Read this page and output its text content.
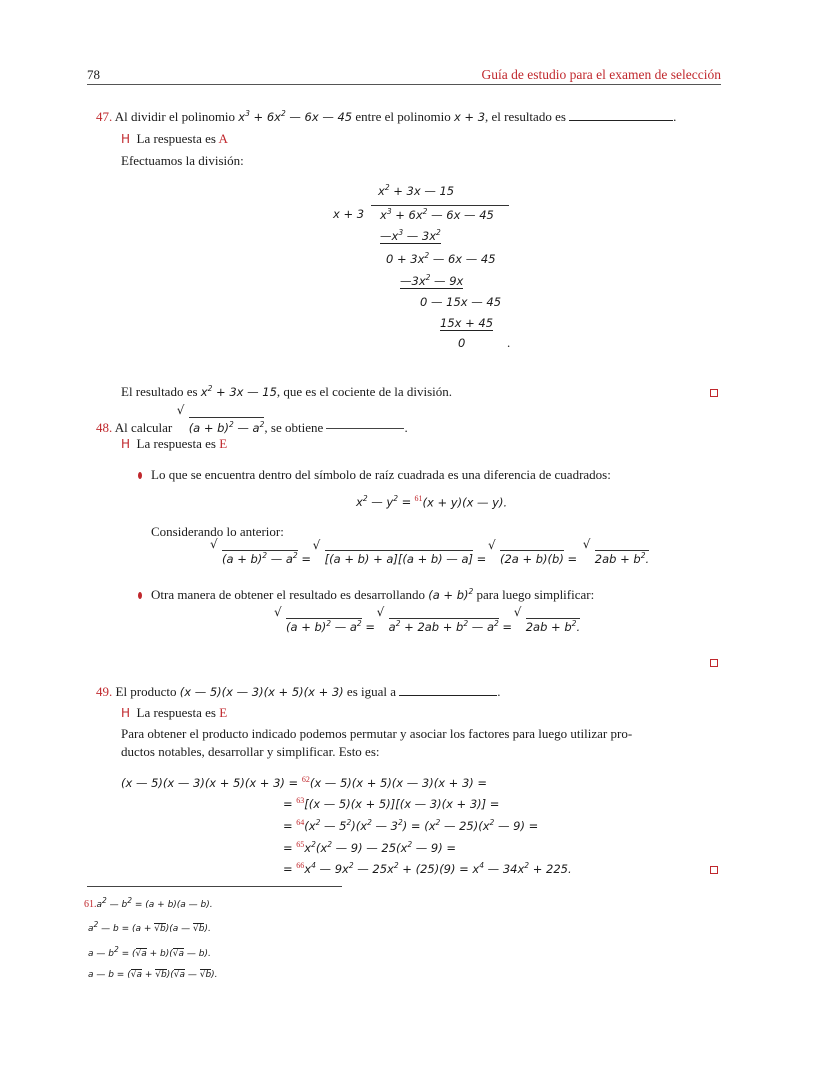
78	Guía de estudio para el examen de selección
47. Al dividir el polinomio $x^3 + 6x^2$ — 6x — 45 entre el polinomio x + 3, el resultado es	.
H La respuesta es A
Efectuamos la división:
$x^2 + 3x$ — 15
x + 3 $x^3 + 6x^2$ — 6x — 45
$—x^3$ — $3x^2$
$0 + 3x^2$ — 6x — 45
$—3x^2$ — 9x
0 — 15x — 45
15x + 45
0	.
El resultado es $x^2 + 3x$ — 15, que es el cociente de la división.
48. Al calcular
√
$(a + b)^2$ — $a^2$, se obtiene	.
H La respuesta es E
Lo que se encuentra dentro del símbolo de raíz cuadrada es una diferencia de cuadrados:
$x^2$ — $y^2 = ^{61}(x + y)(x$ — y).
Considerando lo anterior:
√
$(a + b)^2$ — $a^2$ =
√
[(a + b) + a][(a + b) — a] =
√
(2a + b)(b) =
√
$2ab + b^2$.
Otra manera de obtener el resultado es desarrollando $(a + b)^2$ para luego simplificar:
√
$(a + b)^2$ — $a^2$ =
√
$a^2 + 2ab + b^2$ — $a^2$ =
√
$2ab + b^2$.
49. El producto (x — 5)(x — 3)(x + 5)(x + 3) es igual a	.
H La respuesta es E
Para obtener el producto indicado podemos permutar y asociar los factores para luego utilizar pro-
ductos notables, desarrollar y simplificar. Esto es:
(x — 5)(x — 3)(x + 5)(x + 3) = $^{62}$(x — 5)(x + 5)(x — 3)(x + 3) =
= $^{63}$[(x — 5)(x + 5)][(x — 3)(x + 3)] =
= $^{64}(x^2$ — $5^2)(x^2$ — $3^2) = (x^2$ — $25)(x^2$ — 9) =
= $^{65}x^2(x^2$ — 9) — $25(x^2$ — 9) =
= $^{66}x^4$ — $9x^2$ — $25x^2 + (25)(9) = x^4$ — $34x^2 + 225$.
$61.a^2$ — $b^2 = (a + b)(a$ — b).
$a^2$ — b = (a + √b)(a — √b).
a — $b^2 = (√a + b)(√a$ — b).
a — b = (√a + √b)(√a — √b).
